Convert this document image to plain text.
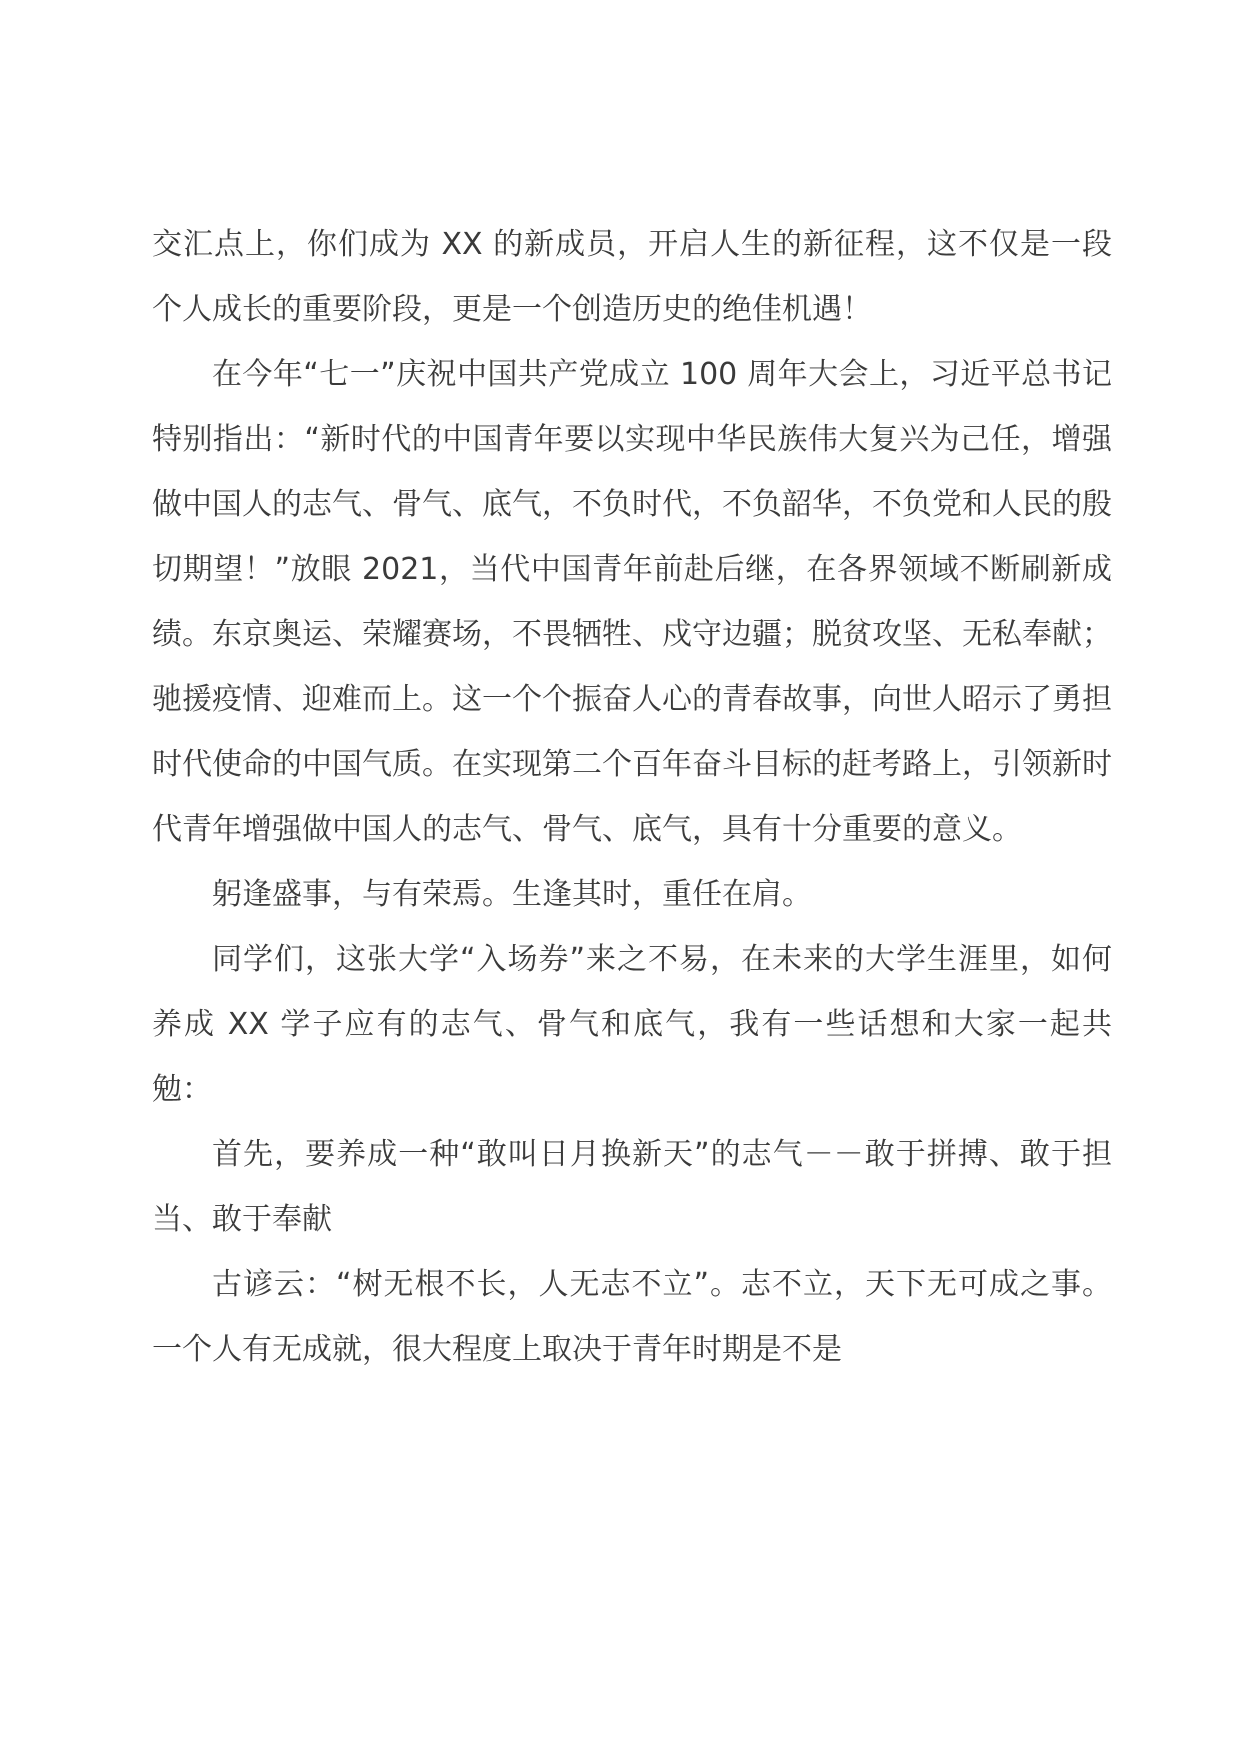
交汇点上，你们成为 XX 的新成员，开启人生的新征程，这不仅是一段个人成长的重要阶段，更是一个创造历史的绝佳机遇！

在今年“七一”庆祝中国共产党成立 100 周年大会上，习近平总书记特别指出：“新时代的中国青年要以实现中华民族伟大复兴为己任，增强做中国人的志气、骨气、底气，不负时代，不负韶华，不负党和人民的殷切期望！”放眼 2021，当代中国青年前赴后继，在各界领域不断刷新成绩。东京奥运、荣耀赛场，不畏牺牲、戍守边疆；脱贫攻坚、无私奉献；驰援疫情、迎难而上。这一个个振奋人心的青春故事，向世人昭示了勇担时代使命的中国气质。在实现第二个百年奋斗目标的赶考路上，引领新时代青年增强做中国人的志气、骨气、底气，具有十分重要的意义。

躬逢盛事，与有荣焉。生逢其时，重任在肩。

同学们，这张大学“入场券”来之不易，在未来的大学生涯里，如何养成 XX 学子应有的志气、骨气和底气，我有一些话想和大家一起共勉：

首先，要养成一种“敢叫日月换新天”的志气－－敢于拼搏、敢于担当、敢于奉献

古谚云：“树无根不长，人无志不立”。志不立，天下无可成之事。一个人有无成就，很大程度上取决于青年时期是不是
